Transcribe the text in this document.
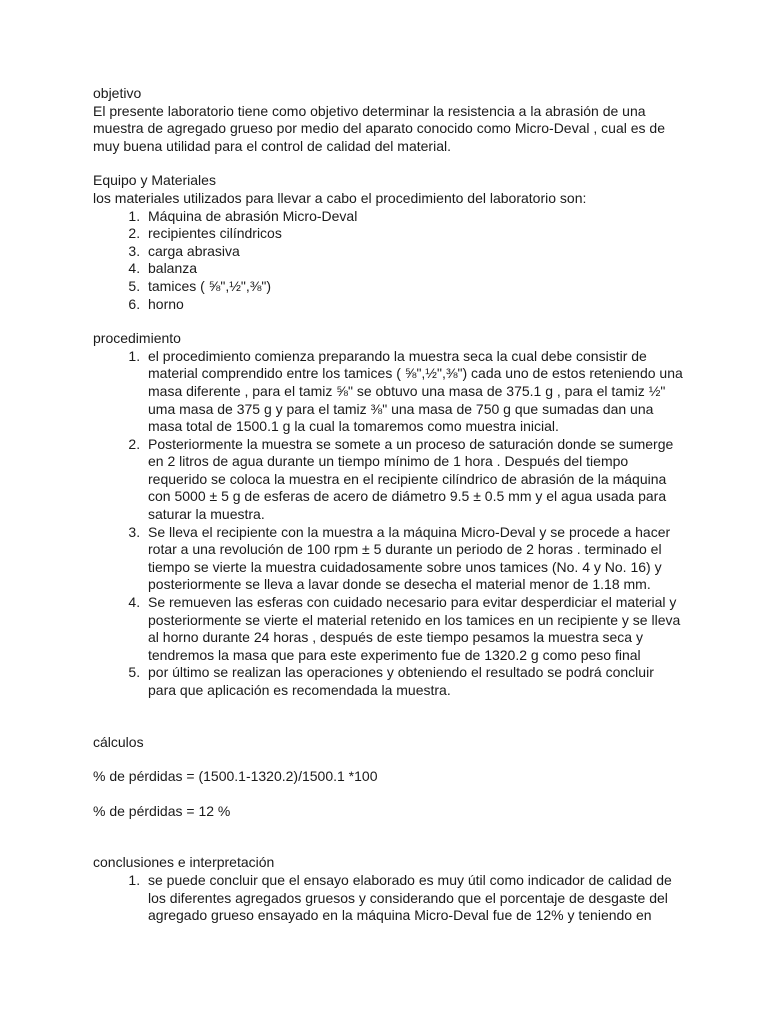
objetivo

El presente laboratorio tiene como objetivo determinar la resistencia a la abrasión de una muestra de agregado grueso por medio del aparato conocido como Micro-Deval , cual es de muy buena utilidad para el control de calidad del material.

Equipo y Materiales

los materiales utilizados para llevar a cabo el procedimiento del laboratorio son:

1. Máquina de abrasión Micro-Deval
2. recipientes cilíndricos
3. carga abrasiva
4. balanza
5. tamices ( ⅝",½",⅜")
6. horno

procedimiento

1. el procedimiento comienza preparando la muestra seca la cual debe consistir de material comprendido entre los tamices ( ⅝",½",⅜") cada uno de estos reteniendo una masa diferente , para el tamiz ⅝" se obtuvo una masa de 375.1 g , para el tamiz ½" uma masa de 375 g y para el tamiz ⅜" una masa de 750 g que sumadas dan una masa total de 1500.1 g la cual la tomaremos como muestra inicial.
2. Posteriormente la muestra se somete a un proceso de saturación donde se sumerge en 2 litros de agua durante un tiempo mínimo de 1 hora . Después del tiempo requerido se coloca la muestra en el recipiente cilíndrico de abrasión de la máquina con 5000 ± 5 g de esferas de acero de diámetro 9.5 ± 0.5 mm y el agua usada para saturar la muestra.
3. Se lleva el recipiente con la muestra a la máquina Micro-Deval y se procede a hacer rotar a una revolución de 100 rpm ± 5 durante un periodo de 2 horas . terminado el tiempo se vierte la muestra cuidadosamente sobre unos tamices (No. 4 y No. 16) y posteriormente se lleva a lavar donde se desecha el material menor de 1.18 mm.
4. Se remueven las esferas con cuidado necesario para evitar desperdiciar el material y posteriormente se vierte el material retenido en los tamices en un recipiente y se lleva al horno durante 24 horas , después de este tiempo pesamos la muestra seca y tendremos la masa que para este experimento fue de 1320.2 g como peso final
5. por último se realizan las operaciones y obteniendo el resultado se podrá concluir para que aplicación es recomendada la muestra.

cálculos

% de pérdidas = (1500.1-1320.2)/1500.1 *100

% de pérdidas = 12 %

conclusiones e interpretación

1. se puede concluir que el ensayo elaborado es muy útil como indicador de calidad de los diferentes agregados gruesos y considerando que el porcentaje de desgaste del agregado grueso ensayado en la máquina Micro-Deval fue de 12% y teniendo en
